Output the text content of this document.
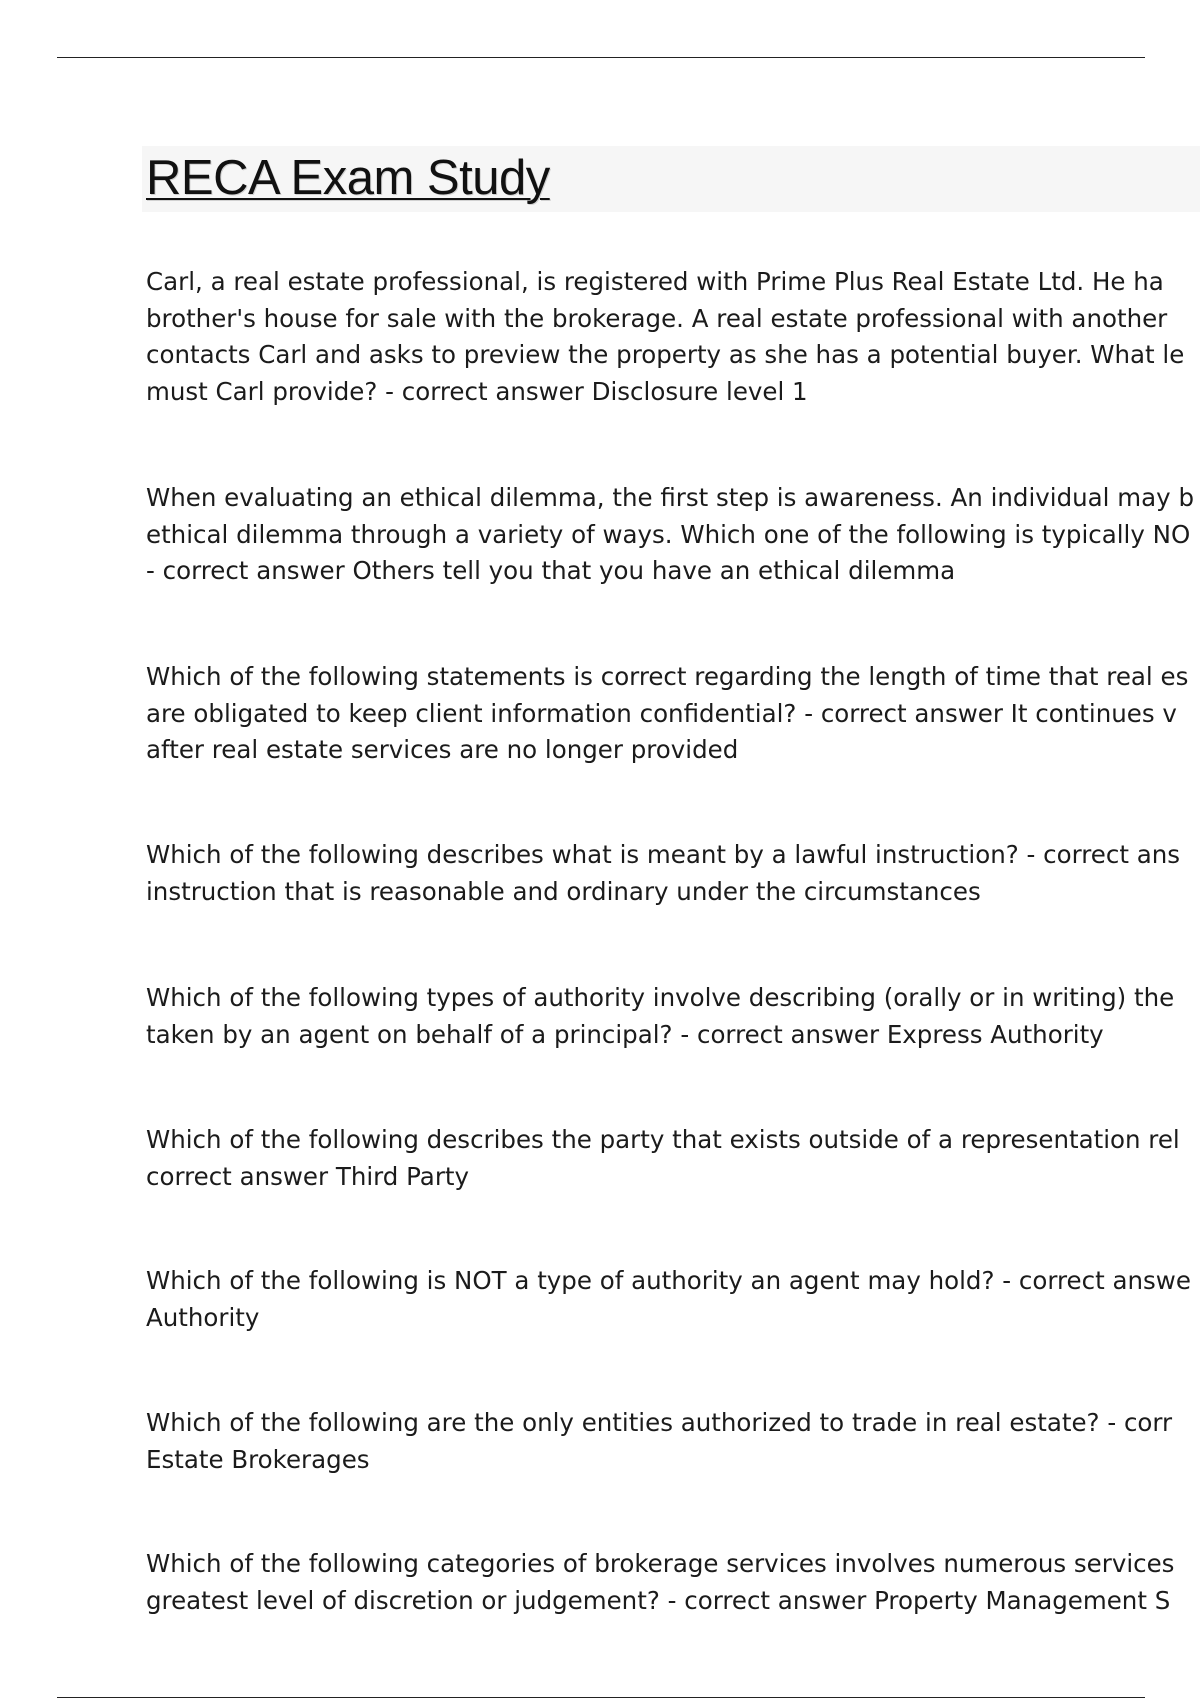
RECA Exam Study
Carl, a real estate professional, is registered with Prime Plus Real Estate Ltd. He ha
brother's house for sale with the brokerage. A real estate professional with another
contacts Carl and asks to preview the property as she has a potential buyer. What le
must Carl provide? - correct answer Disclosure level 1
When evaluating an ethical dilemma, the first step is awareness. An individual may b
ethical dilemma through a variety of ways. Which one of the following is typically NO
- correct answer Others tell you that you have an ethical dilemma
Which of the following statements is correct regarding the length of time that real es
are obligated to keep client information confidential? - correct answer It continues v
after real estate services are no longer provided
Which of the following describes what is meant by a lawful instruction? - correct ans
instruction that is reasonable and ordinary under the circumstances
Which of the following types of authority involve describing (orally or in writing) the
taken by an agent on behalf of a principal? - correct answer Express Authority
Which of the following describes the party that exists outside of a representation rel
correct answer Third Party
Which of the following is NOT a type of authority an agent may hold? - correct answe
Authority
Which of the following are the only entities authorized to trade in real estate? - corr
Estate Brokerages
Which of the following categories of brokerage services involves numerous services
greatest level of discretion or judgement? - correct answer Property Management S
